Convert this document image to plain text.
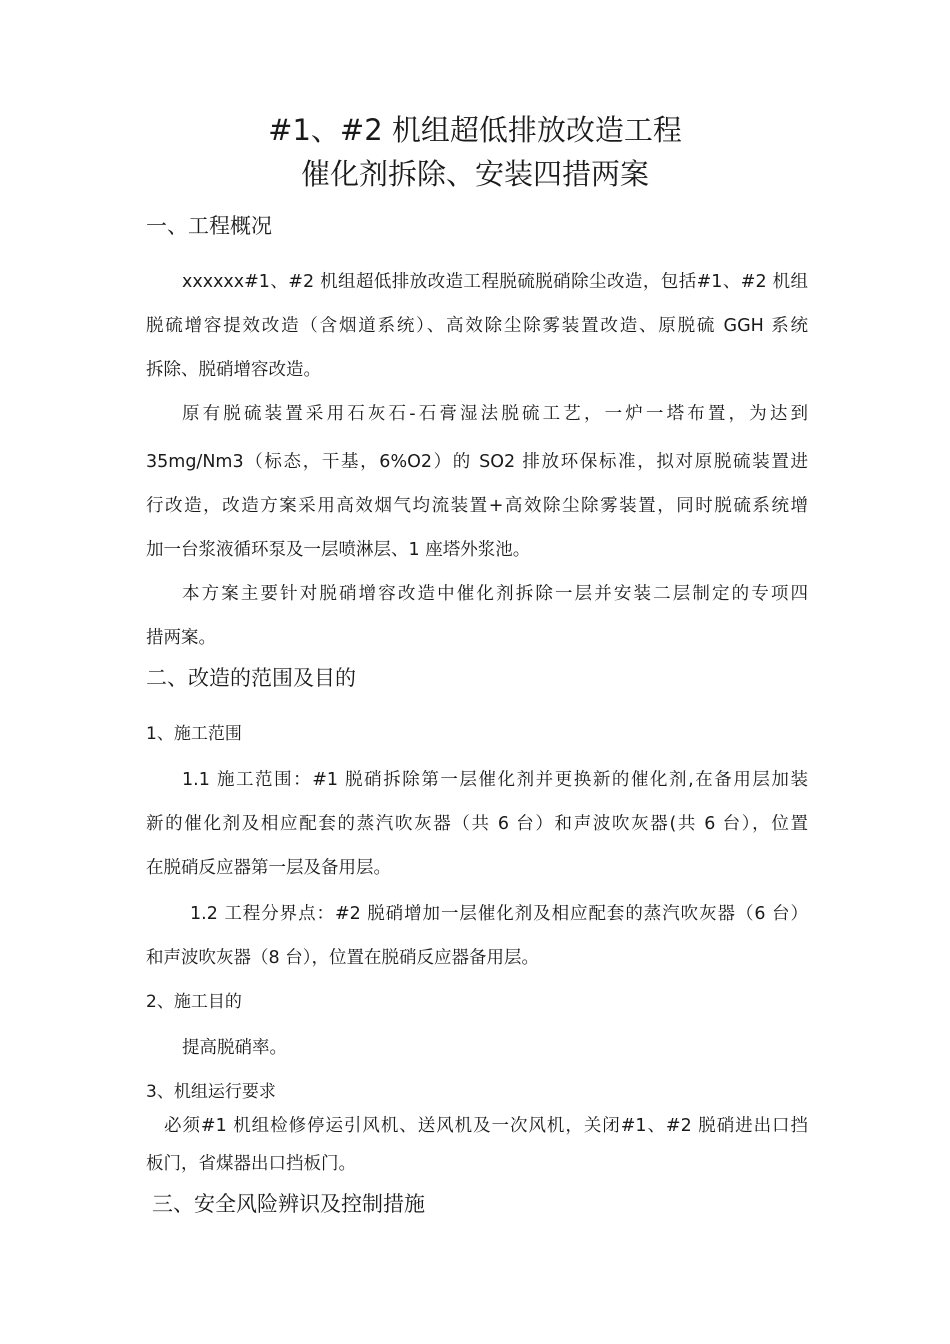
#1、#2 机组超低排放改造工程
催化剂拆除、安装四措两案
一、工程概况
xxxxxx#1、#2 机组超低排放改造工程脱硫脱硝除尘改造，包括#1、#2 机组
脱硫增容提效改造（含烟道系统）、高效除尘除雾装置改造、原脱硫 GGH 系统
拆除、脱硝增容改造。
原有脱硫装置采用石灰石-石膏湿法脱硫工艺，一炉一塔布置，为达到
35mg/Nm3（标态，干基，6%O2）的 SO2 排放环保标准，拟对原脱硫装置进
行改造，改造方案采用高效烟气均流装置+高效除尘除雾装置，同时脱硫系统增
加一台浆液循环泵及一层喷淋层、1 座塔外浆池。
本方案主要针对脱硝增容改造中催化剂拆除一层并安装二层制定的专项四
措两案。
二、改造的范围及目的
1、施工范围
1.1 施工范围：#1 脱硝拆除第一层催化剂并更换新的催化剂,在备用层加装
新的催化剂及相应配套的蒸汽吹灰器（共 6 台）和声波吹灰器(共 6 台），位置
在脱硝反应器第一层及备用层。
1.2 工程分界点：#2 脱硝增加一层催化剂及相应配套的蒸汽吹灰器（6 台）
和声波吹灰器（8 台），位置在脱硝反应器备用层。
2、施工目的
提高脱硝率。
3、机组运行要求
必须#1 机组检修停运引风机、送风机及一次风机，关闭#1、#2 脱硝进出口挡
板门，省煤器出口挡板门。
三、安全风险辨识及控制措施
